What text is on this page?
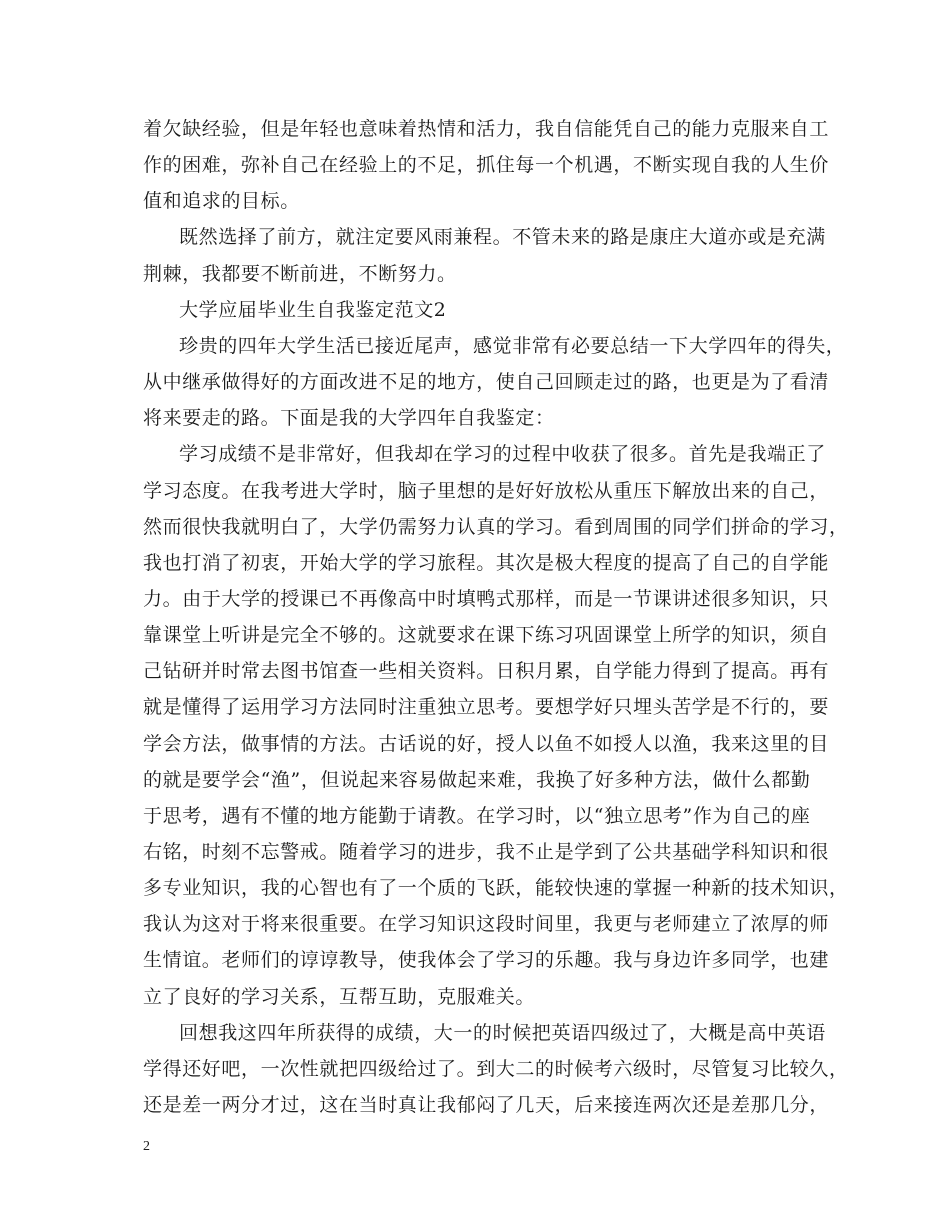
着欠缺经验，但是年轻也意味着热情和活力，我自信能凭自己的能力克服来自工
作的困难，弥补自己在经验上的不足，抓住每一个机遇，不断实现自我的人生价
值和追求的目标。
既然选择了前方，就注定要风雨兼程。不管未来的路是康庄大道亦或是充满
荆棘，我都要不断前进，不断努力。
大学应届毕业生自我鉴定范文2
珍贵的四年大学生活已接近尾声，感觉非常有必要总结一下大学四年的得失，
从中继承做得好的方面改进不足的地方，使自己回顾走过的路，也更是为了看清
将来要走的路。下面是我的大学四年自我鉴定：
学习成绩不是非常好，但我却在学习的过程中收获了很多。首先是我端正了
学习态度。在我考进大学时，脑子里想的是好好放松从重压下解放出来的自己，
然而很快我就明白了，大学仍需努力认真的学习。看到周围的同学们拼命的学习，
我也打消了初衷，开始大学的学习旅程。其次是极大程度的提高了自己的自学能
力。由于大学的授课已不再像高中时填鸭式那样，而是一节课讲述很多知识，只
靠课堂上听讲是完全不够的。这就要求在课下练习巩固课堂上所学的知识，须自
己钻研并时常去图书馆查一些相关资料。日积月累，自学能力得到了提高。再有
就是懂得了运用学习方法同时注重独立思考。要想学好只埋头苦学是不行的，要
学会方法，做事情的方法。古话说的好，授人以鱼不如授人以渔，我来这里的目
的就是要学会“渔”，但说起来容易做起来难，我换了好多种方法，做什么都勤
于思考，遇有不懂的地方能勤于请教。在学习时，以“独立思考”作为自己的座
右铭，时刻不忘警戒。随着学习的进步，我不止是学到了公共基础学科知识和很
多专业知识，我的心智也有了一个质的飞跃，能较快速的掌握一种新的技术知识，
我认为这对于将来很重要。在学习知识这段时间里，我更与老师建立了浓厚的师
生情谊。老师们的谆谆教导，使我体会了学习的乐趣。我与身边许多同学，也建
立了良好的学习关系，互帮互助，克服难关。
回想我这四年所获得的成绩，大一的时候把英语四级过了，大概是高中英语
学得还好吧，一次性就把四级给过了。到大二的时候考六级时，尽管复习比较久，
还是差一两分才过，这在当时真让我郁闷了几天，后来接连两次还是差那几分，
2
